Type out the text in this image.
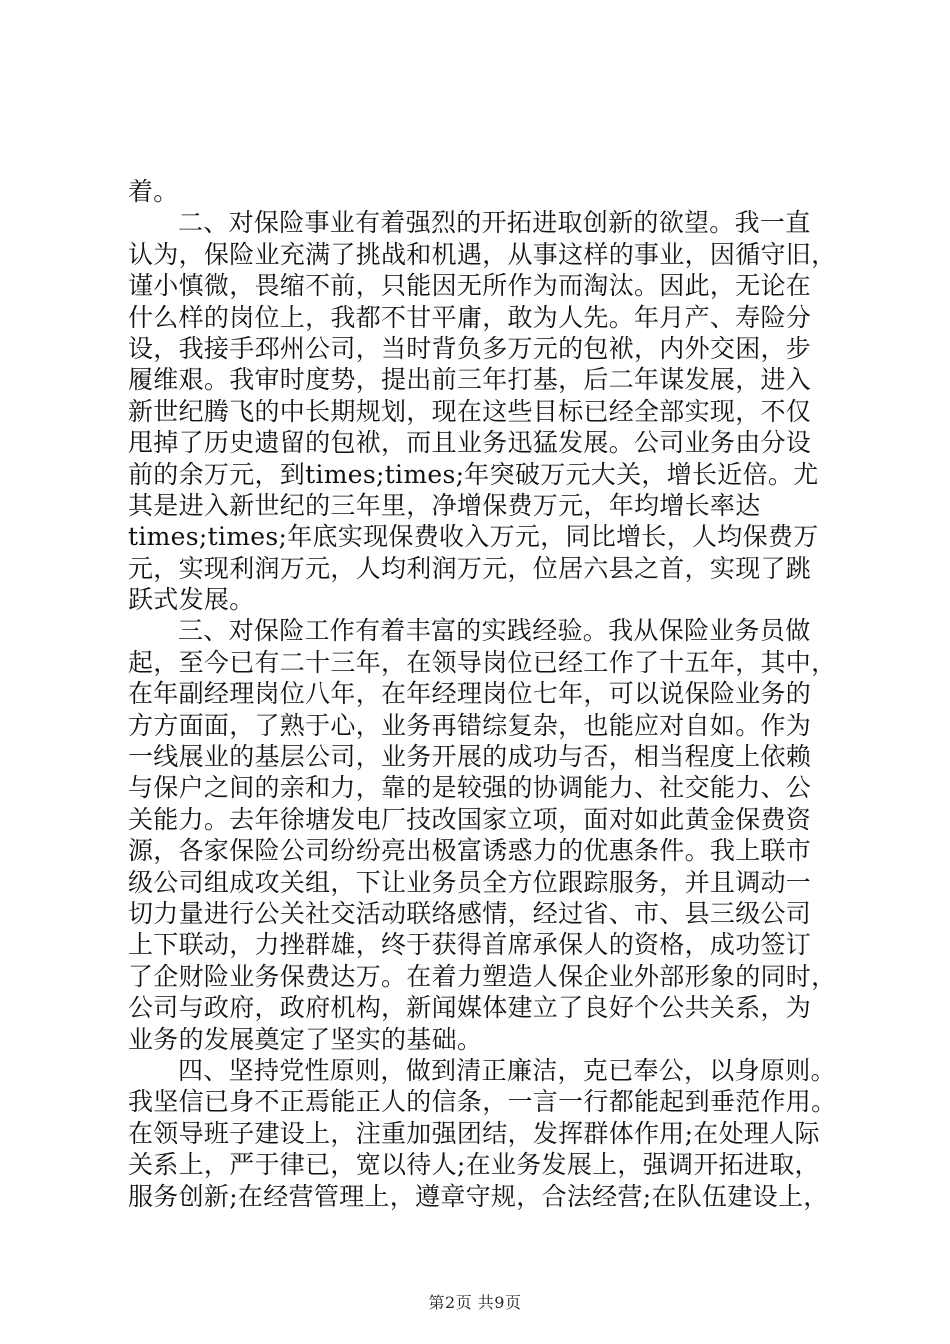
着。
二、对保险事业有着强烈的开拓进取创新的欲望。我一直
认为，保险业充满了挑战和机遇，从事这样的事业，因循守旧，
谨小慎微，畏缩不前，只能因无所作为而淘汰。因此，无论在
什么样的岗位上，我都不甘平庸，敢为人先。年月产、寿险分
设，我接手邳州公司，当时背负多万元的包袱，内外交困，步
履维艰。我审时度势，提出前三年打基，后二年谋发展，进入
新世纪腾飞的中长期规划，现在这些目标已经全部实现，不仅
甩掉了历史遗留的包袱，而且业务迅猛发展。公司业务由分设
前的余万元，到times;times;年突破万元大关，增长近倍。尤
其是进入新世纪的三年里，净增保费万元，年均增长率达
times;times;年底实现保费收入万元，同比增长，人均保费万
元，实现利润万元，人均利润万元，位居六县之首，实现了跳
跃式发展。
三、对保险工作有着丰富的实践经验。我从保险业务员做
起，至今已有二十三年，在领导岗位已经工作了十五年，其中，
在年副经理岗位八年，在年经理岗位七年，可以说保险业务的
方方面面，了熟于心，业务再错综复杂，也能应对自如。作为
一线展业的基层公司，业务开展的成功与否，相当程度上依赖
与保户之间的亲和力，靠的是较强的协调能力、社交能力、公
关能力。去年徐塘发电厂技改国家立项，面对如此黄金保费资
源，各家保险公司纷纷亮出极富诱惑力的优惠条件。我上联市
级公司组成攻关组，下让业务员全方位跟踪服务，并且调动一
切力量进行公关社交活动联络感情，经过省、市、县三级公司
上下联动，力挫群雄，终于获得首席承保人的资格，成功签订
了企财险业务保费达万。在着力塑造人保企业外部形象的同时，
公司与政府，政府机构，新闻媒体建立了良好个公共关系，为
业务的发展奠定了坚实的基础。
四、坚持党性原则，做到清正廉洁，克已奉公，以身原则。
我坚信已身不正焉能正人的信条，一言一行都能起到垂范作用。
在领导班子建设上，注重加强团结，发挥群体作用;在处理人际
关系上，严于律已，宽以待人;在业务发展上，强调开拓进取，
服务创新;在经营管理上，遵章守规，合法经营;在队伍建设上，
第2页 共9页
